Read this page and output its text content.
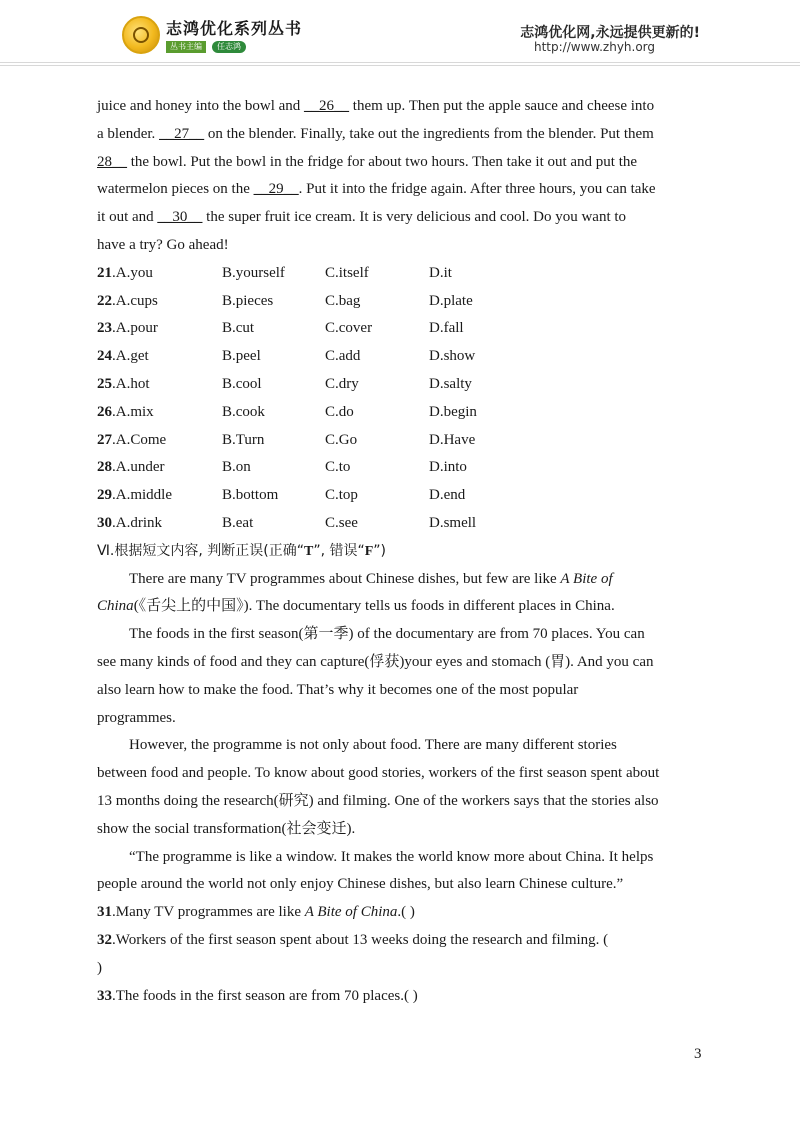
志鸿优化系列丛书
丛书主编	任志鸿
志鸿优化网,永远提供更新的!
http://www.zhyh.org
juice and honey into the bowl and __26__ them up. Then put the apple sauce and cheese into
a blender. __27__ on the blender. Finally, take out the ingredients from the blender. Put them
28__ the bowl. Put the bowl in the fridge for about two hours. Then take it out and put the
watermelon pieces on the __29__. Put it into the fridge again. After three hours, you can take
it out and __30__ the super fruit ice cream. It is very delicious and cool. Do you want to
have a try? Go ahead!
21.A.you	B.yourself	C.itself	D.it
22.A.cups	B.pieces	C.bag	D.plate
23.A.pour	B.cut	C.cover	D.fall
24.A.get	B.peel	C.add	D.show
25.A.hot	B.cool	C.dry	D.salty
26.A.mix	B.cook	C.do	D.begin
27.A.Come	B.Turn	C.Go	D.Have
28.A.under	B.on	C.to	D.into
29.A.middle	B.bottom	C.top	D.end
30.A.drink	B.eat	C.see	D.smell
Ⅵ.根据短文内容, 判断正误(正确“T”, 错误“F”)
There are many TV programmes about Chinese dishes, but few are like A Bite of
China(《舌尖上的中国》). The documentary tells us foods in different places in China.
The foods in the first season(第一季) of the documentary are from 70 places. You can
see many kinds of food and they can capture(俘获)your eyes and stomach (胃). And you can
also learn how to make the food. That’s why it becomes one of the most popular
programmes.
However, the programme is not only about food. There are many different stories
between food and people. To know about good stories, workers of the first season spent about
13 months doing the research(研究) and filming. One of the workers says that the stories also
show the social transformation(社会变迁).
“The programme is like a window. It makes the world know more about China. It helps
people around the world not only enjoy Chinese dishes, but also learn Chinese culture.”
31.Many TV programmes are like A Bite of China.( )
32.Workers of the first season spent about 13 weeks doing the research and filming. (
)
33.The foods in the first season are from 70 places.( )
3
